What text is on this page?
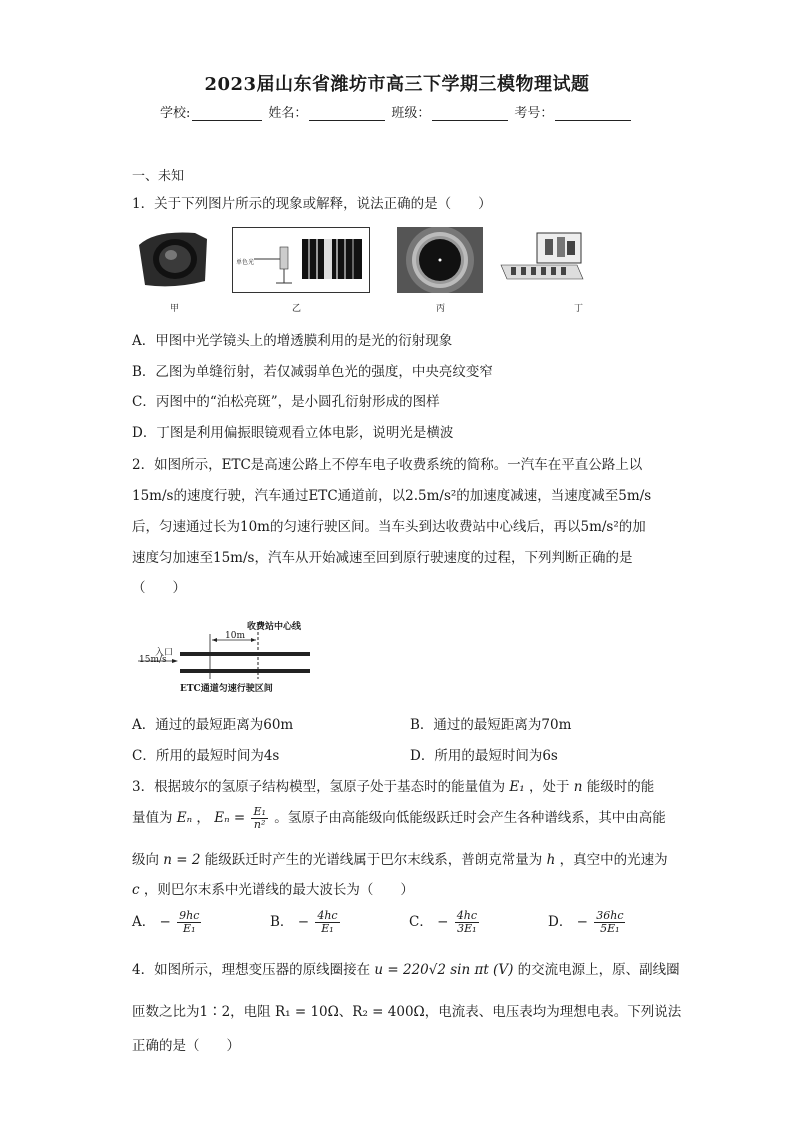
2023届山东省潍坊市高三下学期三模物理试题
学校:	姓名：	班级：	考号：
一、未知
1．关于下列图片所示的现象或解释，说法正确的是（　　）
甲
单色光
乙	丙	丁
A．甲图中光学镜头上的增透膜利用的是光的衍射现象
B．乙图为单缝衍射，若仅减弱单色光的强度，中央亮纹变窄
C．丙图中的“泊松亮斑”，是小圆孔衍射形成的图样
D．丁图是利用偏振眼镜观看立体电影，说明光是横波
2．如图所示，ETC是高速公路上不停车电子收费系统的简称。一汽车在平直公路上以
15m/s的速度行驶，汽车通过ETC通道前，以2.5m/s²的加速度减速，当速度减至5m/s
后，匀速通过长为10m的匀速行驶区间。当车头到达收费站中心线后，再以5m/s²的加
速度匀加速至15m/s，汽车从开始减速至回到原行驶速度的过程，下列判断正确的是
（　　）
收费站中心线
10m
入口
15m/s
ETC通道匀速行驶区间
A．通过的最短距离为60m	B．通过的最短距离为70m
C．所用的最短时间为4s	D．所用的最短时间为6s
3．根据玻尔的氢原子结构模型，氢原子处于基态时的能量值为 E₁ ，处于 n 能级时的能
量值为 Eₙ ， $E_n = \frac{\text{E₁}}{\text{n²}}$ 。氢原子由高能级向低能级跃迁时会产生各种谱线系，其中由高能
级向 n = 2 能级跃迁时产生的光谱线属于巴尔末线系，普朗克常量为 h ，真空中的光速为
c ，则巴尔末系中光谱线的最大波长为（　　）
A． − $\frac{9hc}{\text{E₁}}$	B． − $\frac{4hc}{\text{E₁}}$	C． − $\frac{4hc}{\text{3E₁}}$	D． − $\frac{36hc}{\text{5E₁}}$
4．如图所示，理想变压器的原线圈接在 u = 220√2 sin πt (V) 的交流电源上，原、副线圈
匝数之比为1∶2，电阻 R₁ = 10Ω、R₂ = 400Ω，电流表、电压表均为理想电表。下列说法
正确的是（　　）
